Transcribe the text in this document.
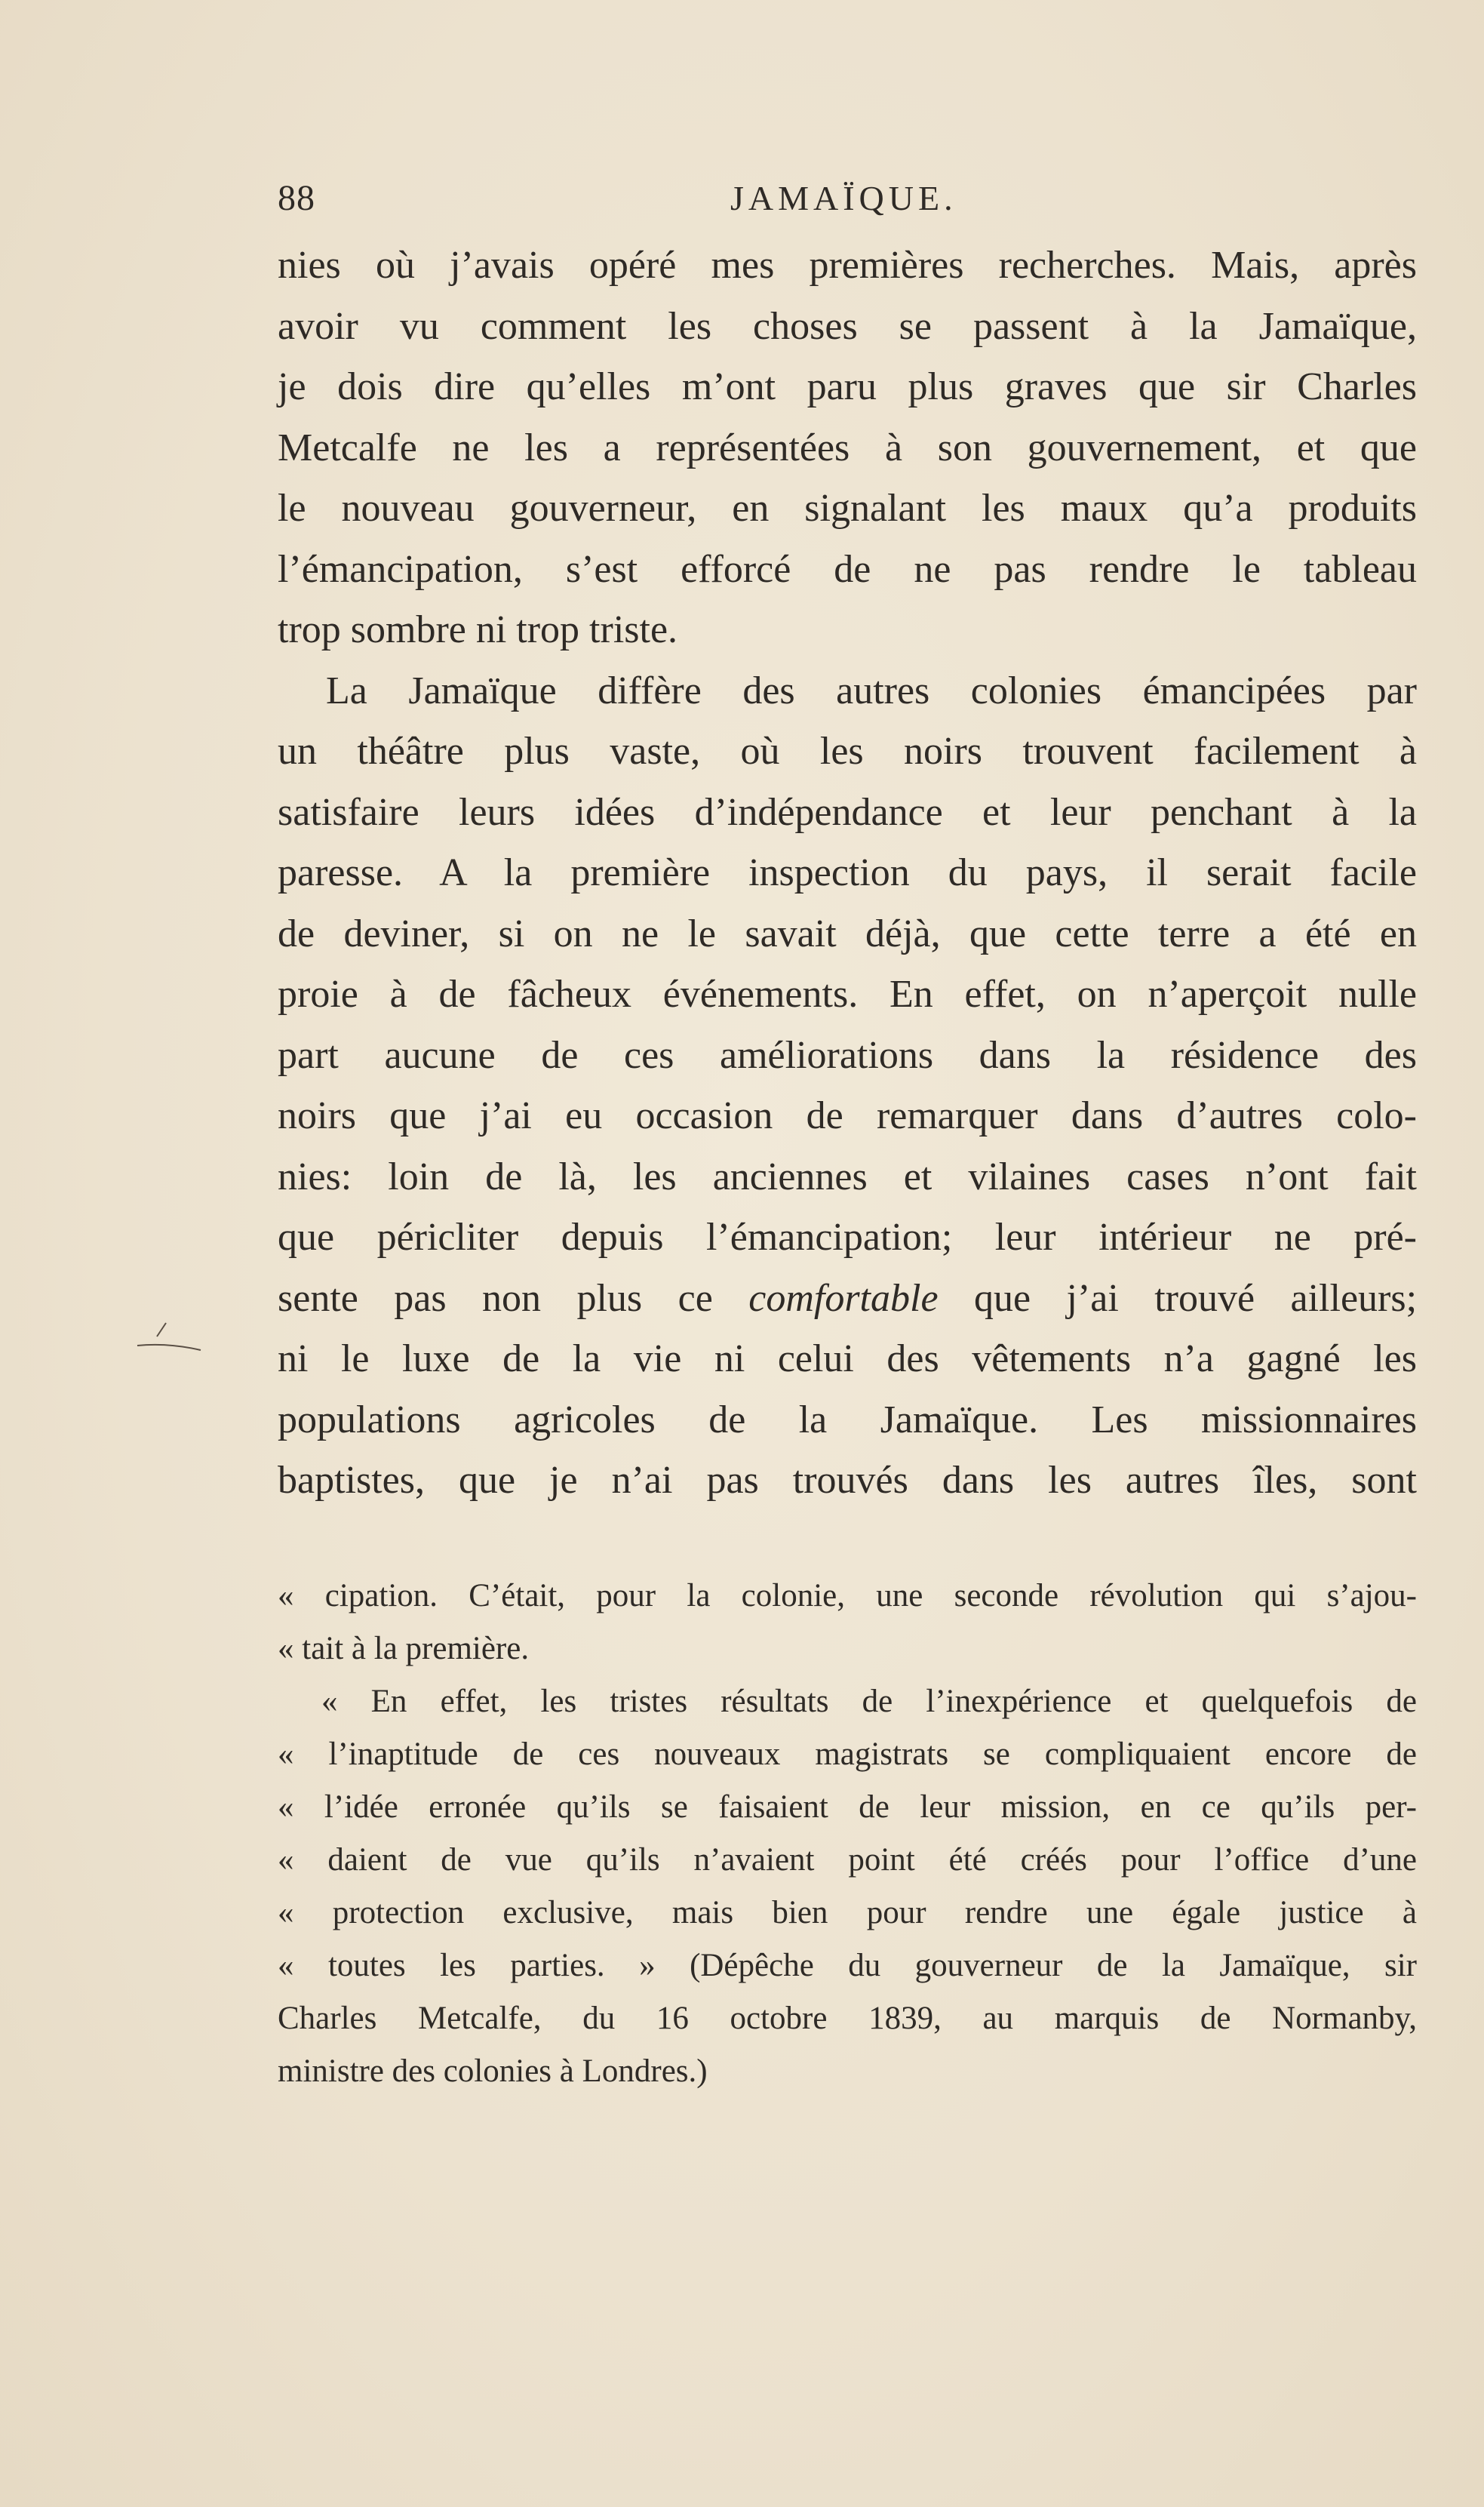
88	JAMAÏQUE.
nies où j’avais opéré mes premières recherches. Mais, après
avoir vu comment les choses se passent à la Jamaïque,
je dois dire qu’elles m’ont paru plus graves que sir Charles
Metcalfe ne les a représentées à son gouvernement, et que
le nouveau gouverneur, en signalant les maux qu’a produits
l’émancipation, s’est efforcé de ne pas rendre le tableau
trop sombre ni trop triste.
La Jamaïque diffère des autres colonies émancipées par
un théâtre plus vaste, où les noirs trouvent facilement à
satisfaire leurs idées d’indépendance et leur penchant à la
paresse. A la première inspection du pays, il serait facile
de deviner, si on ne le savait déjà, que cette terre a été en
proie à de fâcheux événements. En effet, on n’aperçoit nulle
part aucune de ces améliorations dans la résidence des
noirs que j’ai eu occasion de remarquer dans d’autres colo-
nies: loin de là, les anciennes et vilaines cases n’ont fait
que péricliter depuis l’émancipation; leur intérieur ne pré-
sente pas non plus ce comfortable que j’ai trouvé ailleurs;
ni le luxe de la vie ni celui des vêtements n’a gagné les
populations agricoles de la Jamaïque. Les missionnaires
baptistes, que je n’ai pas trouvés dans les autres îles, sont
« cipation. C’était, pour la colonie, une seconde révolution qui s’ajou-
« tait à la première.
« En effet, les tristes résultats de l’inexpérience et quelquefois de
« l’inaptitude de ces nouveaux magistrats se compliquaient encore de
« l’idée erronée qu’ils se faisaient de leur mission, en ce qu’ils per-
« daient de vue qu’ils n’avaient point été créés pour l’office d’une
« protection exclusive, mais bien pour rendre une égale justice à
« toutes les parties. » (Dépêche du gouverneur de la Jamaïque, sir
Charles Metcalfe, du 16 octobre 1839, au marquis de Normanby,
ministre des colonies à Londres.)
